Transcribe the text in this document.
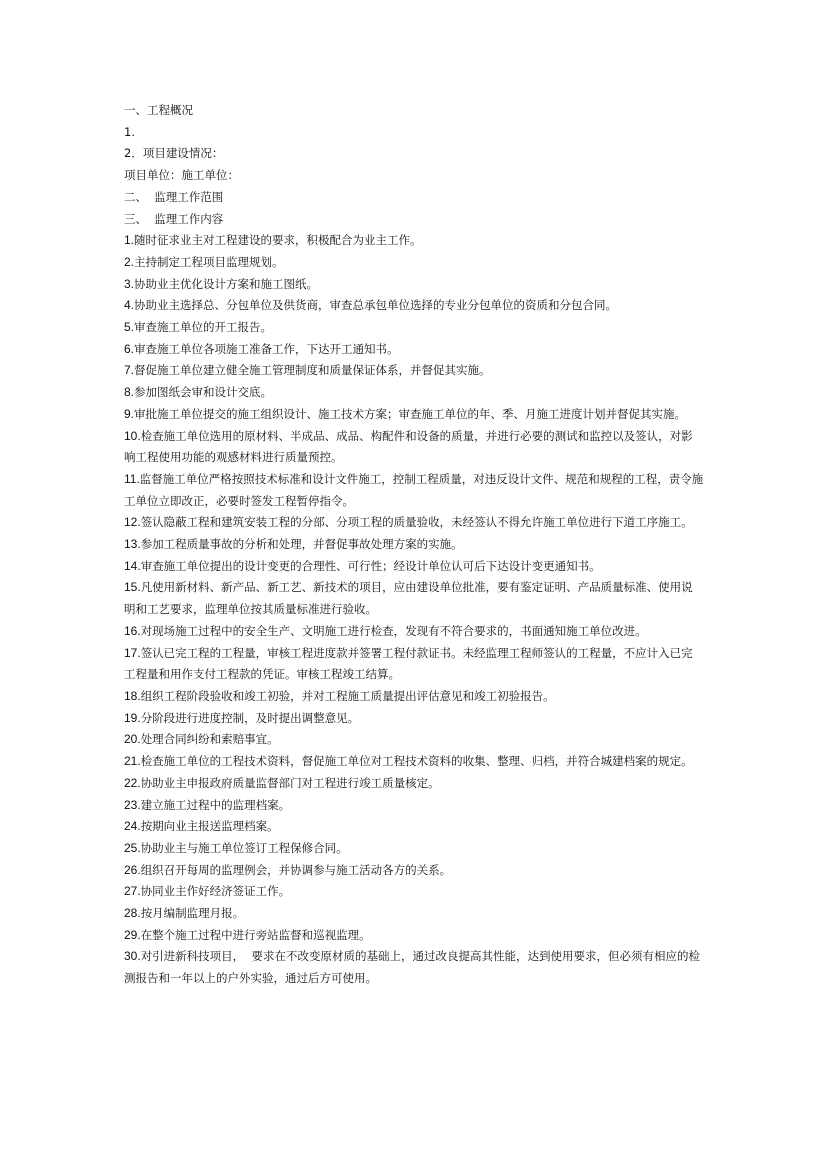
一、工程概况

1.

2．项目建设情况：

项目单位：施工单位：

二、  监理工作范围

三、  监理工作内容

1.随时征求业主对工程建设的要求，积极配合为业主工作。

2.主持制定工程项目监理规划。

3.协助业主优化设计方案和施工图纸。

4.协助业主选择总、分包单位及供货商，审查总承包单位选择的专业分包单位的资质和分包合同。

5.审查施工单位的开工报告。

6.审查施工单位各项施工准备工作，下达开工通知书。

7.督促施工单位建立健全施工管理制度和质量保证体系，并督促其实施。

8.参加图纸会审和设计交底。

9.审批施工单位提交的施工组织设计、施工技术方案；审查施工单位的年、季、月施工进度计划并督促其实施。

10.检查施工单位选用的原材料、半成品、成品、构配件和设备的质量，并进行必要的测试和监控以及签认，对影响工程使用功能的观感材料进行质量预控。

11.监督施工单位严格按照技术标准和设计文件施工，控制工程质量，对违反设计文件、规范和规程的工程，责令施工单位立即改正，必要时签发工程暂停指令。

12.签认隐蔽工程和建筑安装工程的分部、分项工程的质量验收，未经签认不得允许施工单位进行下道工序施工。

13.参加工程质量事故的分析和处理，并督促事故处理方案的实施。

14.审查施工单位提出的设计变更的合理性、可行性；经设计单位认可后下达设计变更通知书。

15.凡使用新材料、新产品、新工艺、新技术的项目，应由建设单位批准，要有鉴定证明、产品质量标准、使用说明和工艺要求，监理单位按其质量标准进行验收。

16.对现场施工过程中的安全生产、文明施工进行检查，发现有不符合要求的，书面通知施工单位改进。

17.签认已完工程的工程量，审核工程进度款并签署工程付款证书。未经监理工程师签认的工程量，不应计入已完工程量和用作支付工程款的凭证。审核工程竣工结算。

18.组织工程阶段验收和竣工初验，并对工程施工质量提出评估意见和竣工初验报告。

19.分阶段进行进度控制，及时提出调整意见。

20.处理合同纠纷和索赔事宜。

21.检查施工单位的工程技术资料，督促施工单位对工程技术资料的收集、整理、归档，并符合城建档案的规定。

22.协助业主申报政府质量监督部门对工程进行竣工质量核定。

23.建立施工过程中的监理档案。

24.按期向业主报送监理档案。

25.协助业主与施工单位签订工程保修合同。

26.组织召开每周的监理例会，并协调参与施工活动各方的关系。

27.协同业主作好经济签证工作。

28.按月编制监理月报。

29.在整个施工过程中进行旁站监督和巡视监理。

30.对引进新科技项目，  要求在不改变原材质的基础上，通过改良提高其性能，达到使用要求，但必须有相应的检测报告和一年以上的户外实验，通过后方可使用。
